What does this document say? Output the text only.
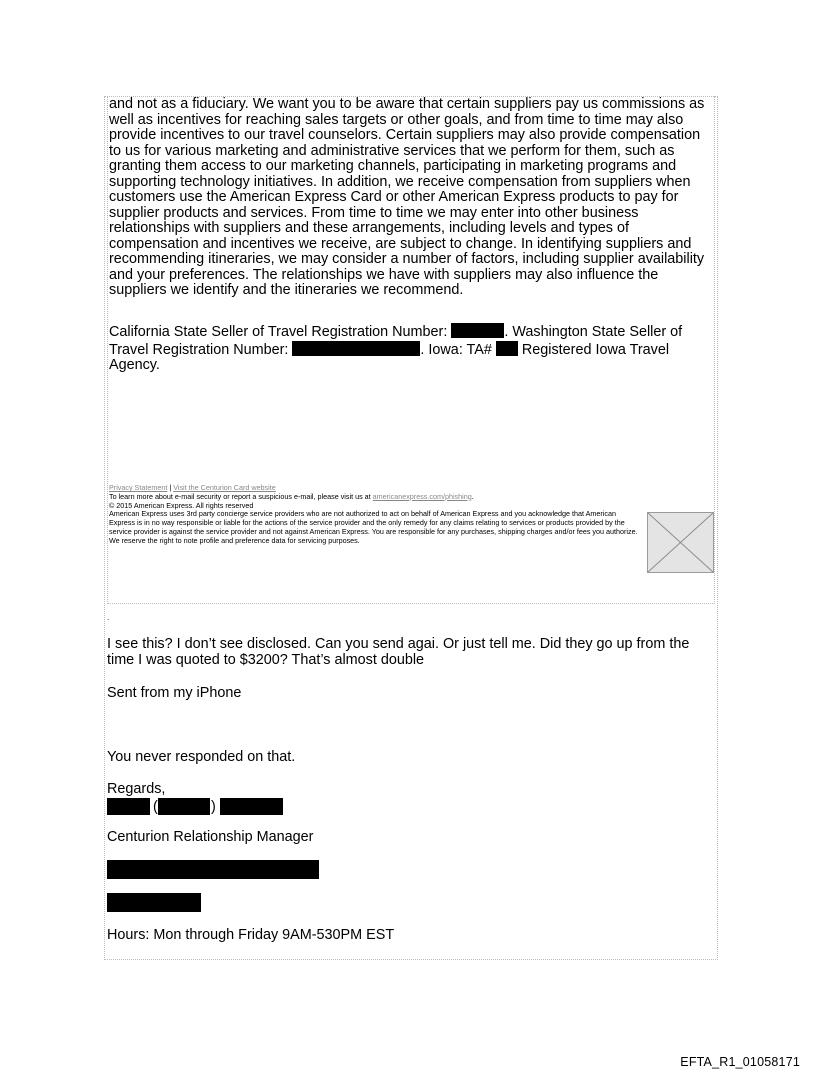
and not as a fiduciary. We want you to be aware that certain suppliers pay us commissions as well as incentives for reaching sales targets or other goals, and from time to time may also provide incentives to our travel counselors. Certain suppliers may also provide compensation to us for various marketing and administrative services that we perform for them, such as granting them access to our marketing channels, participating in marketing programs and supporting technology initiatives. In addition, we receive compensation from suppliers when customers use the American Express Card or other American Express products to pay for supplier products and services. From time to time we may enter into other business relationships with suppliers and these arrangements, including levels and types of compensation and incentives we receive, are subject to change. In identifying suppliers and recommending itineraries, we may consider a number of factors, including supplier availability and your preferences. The relationships we have with suppliers may also influence the suppliers we identify and the itineraries we recommend.
California State Seller of Travel Registration Number:	. Washington State Seller of Travel Registration Number:	. Iowa: TA# Registered Iowa Travel Agency.
Privacy Statement | Visit the Centurion Card website
To learn more about e-mail security or report a suspicious e-mail, please visit us at americanexpress.com/phishing.
© 2015 American Express. All rights reserved
American Express uses 3rd party concierge service providers who are not authorized to act on behalf of American Express and you acknowledge that American Express is in no way responsible or liable for the actions of the service provider and the only remedy for any claims relating to services or products provided by the service provider is against the service provider and not against American Express. You are responsible for any purchases, shipping charges and/or fees you authorize. We reserve the right to note profile and preference data for servicing purposes.
.
I see this? I don’t see disclosed. Can you send agai. Or just tell me. Did they go up from the time I was quoted to $3200? That’s almost double
Sent from my iPhone
You never responded on that.
Regards,
(	)
Centurion Relationship Manager
Hours: Mon through Friday 9AM-530PM EST
EFTA_R1_01058171
